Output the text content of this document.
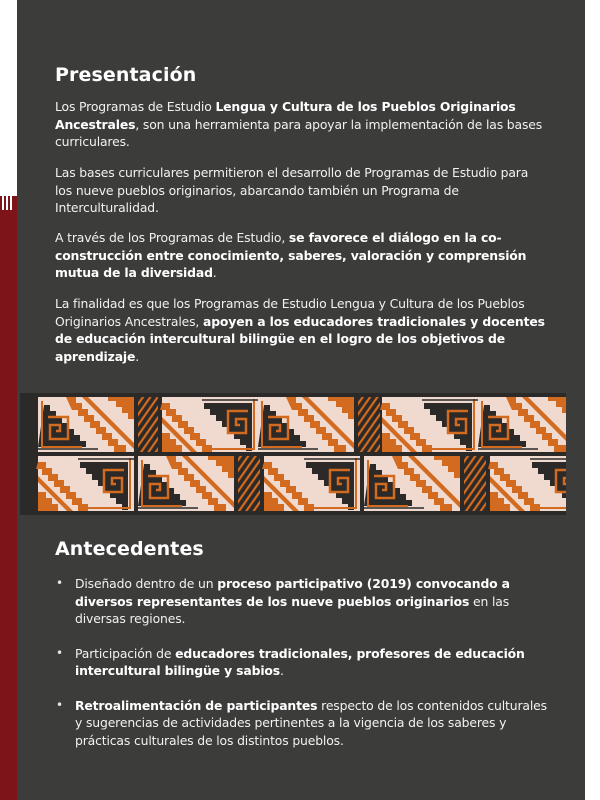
Presentación

Los Programas de Estudio Lengua y Cultura de los Pueblos Originarios Ancestrales, son una herramienta para apoyar la implementación de las bases curriculares.

Las bases curriculares permitieron el desarrollo de Programas de Estudio para los nueve pueblos originarios, abarcando también un Programa de Interculturalidad.

A través de los Programas de Estudio, se favorece el diálogo en la co-construcción entre conocimiento, saberes, valoración y comprensión mutua de la diversidad.

La finalidad es que los Programas de Estudio Lengua y Cultura de los Pueblos Originarios Ancestrales, apoyen a los educadores tradicionales y docentes de educación intercultural bilingüe en el logro de los objetivos de aprendizaje.

Antecedentes
• Diseñado dentro de un proceso participativo (2019) convocando a diversos representantes de los nueve pueblos originarios en las diversas regiones.
• Participación de educadores tradicionales, profesores de educación intercultural bilingüe y sabios.
• Retroalimentación de participantes respecto de los contenidos culturales y sugerencias de actividades pertinentes a la vigencia de los saberes y prácticas culturales de los distintos pueblos.
